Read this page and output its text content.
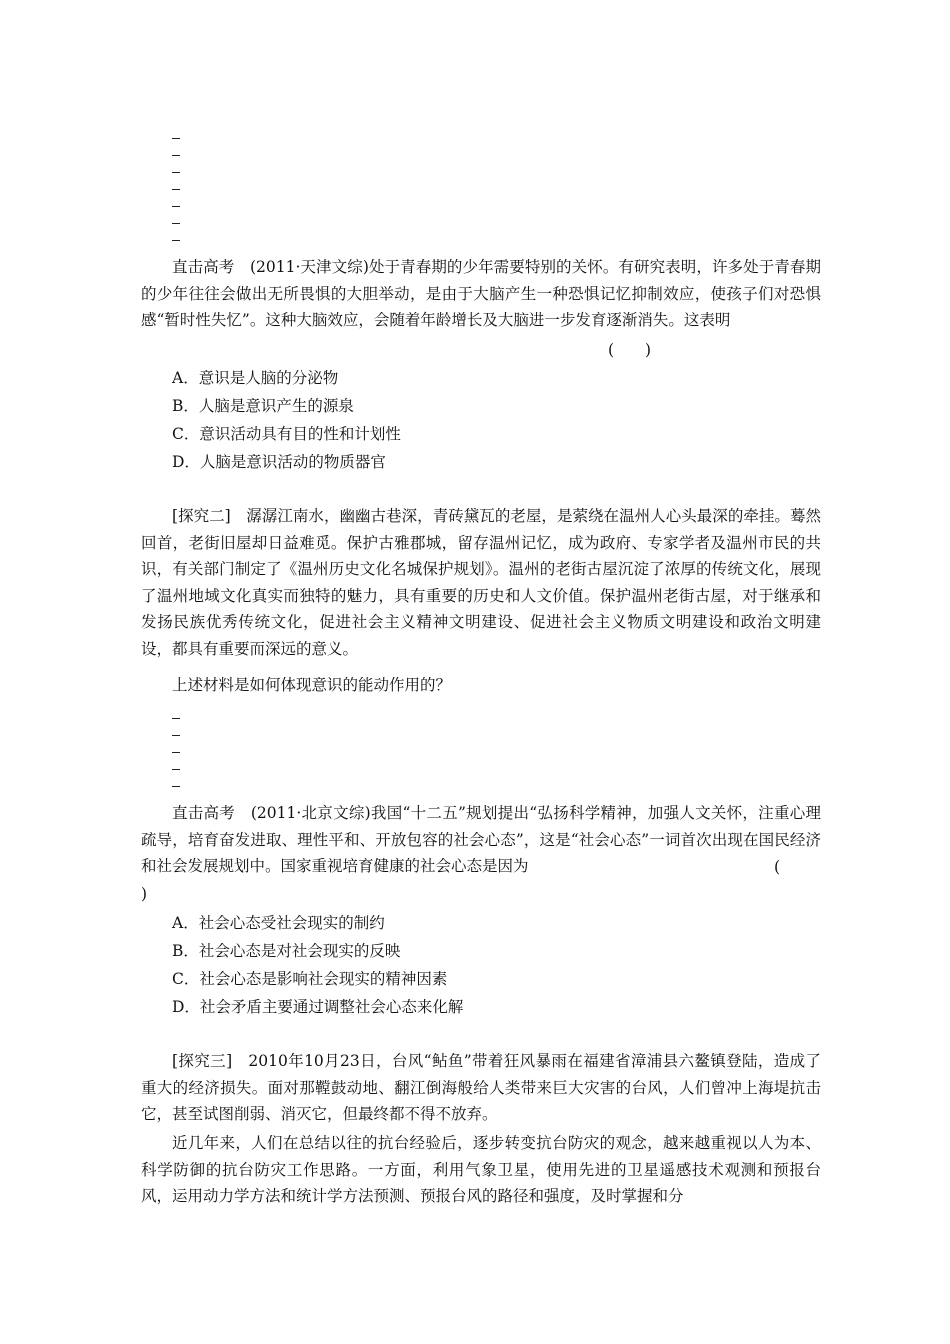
直击高考　(2011·天津文综)处于青春期的少年需要特别的关怀。有研究表明，许多处于青春期的少年往往会做出无所畏惧的大胆举动，是由于大脑产生一种恐惧记忆抑制效应，使孩子们对恐惧感“暂时性失忆”。这种大脑效应，会随着年龄增长及大脑进一步发育逐渐消失。这表明

(　　)
A．意识是人脑的分泌物
B．人脑是意识产生的源泉
C．意识活动具有目的性和计划性
D．人脑是意识活动的物质器官

[探究二]　潺潺江南水，幽幽古巷深，青砖黛瓦的老屋，是萦绕在温州人心头最深的牵挂。蓦然回首，老街旧屋却日益难觅。保护古雅郡城，留存温州记忆，成为政府、专家学者及温州市民的共识，有关部门制定了《温州历史文化名城保护规划》。温州的老街古屋沉淀了浓厚的传统文化，展现了温州地域文化真实而独特的魅力，具有重要的历史和人文价值。保护温州老街古屋，对于继承和发扬民族优秀传统文化，促进社会主义精神文明建设、促进社会主义物质文明建设和政治文明建设，都具有重要而深远的意义。

上述材料是如何体现意识的能动作用的？

直击高考　(2011·北京文综)我国“十二五”规划提出“弘扬科学精神，加强人文关怀，注重心理疏导，培育奋发进取、理性平和、开放包容的社会心态”，这是“社会心态”一词首次出现在国民经济和社会发展规划中。国家重视培育健康的社会心态是因为	(
)
A．社会心态受社会现实的制约
B．社会心态是对社会现实的反映
C．社会心态是影响社会现实的精神因素
D．社会矛盾主要通过调整社会心态来化解

[探究三]　2010年10月23日，台风“鲇鱼”带着狂风暴雨在福建省漳浦县六鳌镇登陆，造成了重大的经济损失。面对那鞺鼓动地、翻江倒海般给人类带来巨大灾害的台风，人们曾冲上海堤抗击它，甚至试图削弱、消灭它，但最终都不得不放弃。

近几年来，人们在总结以往的抗台经验后，逐步转变抗台防灾的观念，越来越重视以人为本、科学防御的抗台防灾工作思路。一方面，利用气象卫星，使用先进的卫星遥感技术观测和预报台风，运用动力学方法和统计学方法预测、预报台风的路径和强度，及时掌握和分
